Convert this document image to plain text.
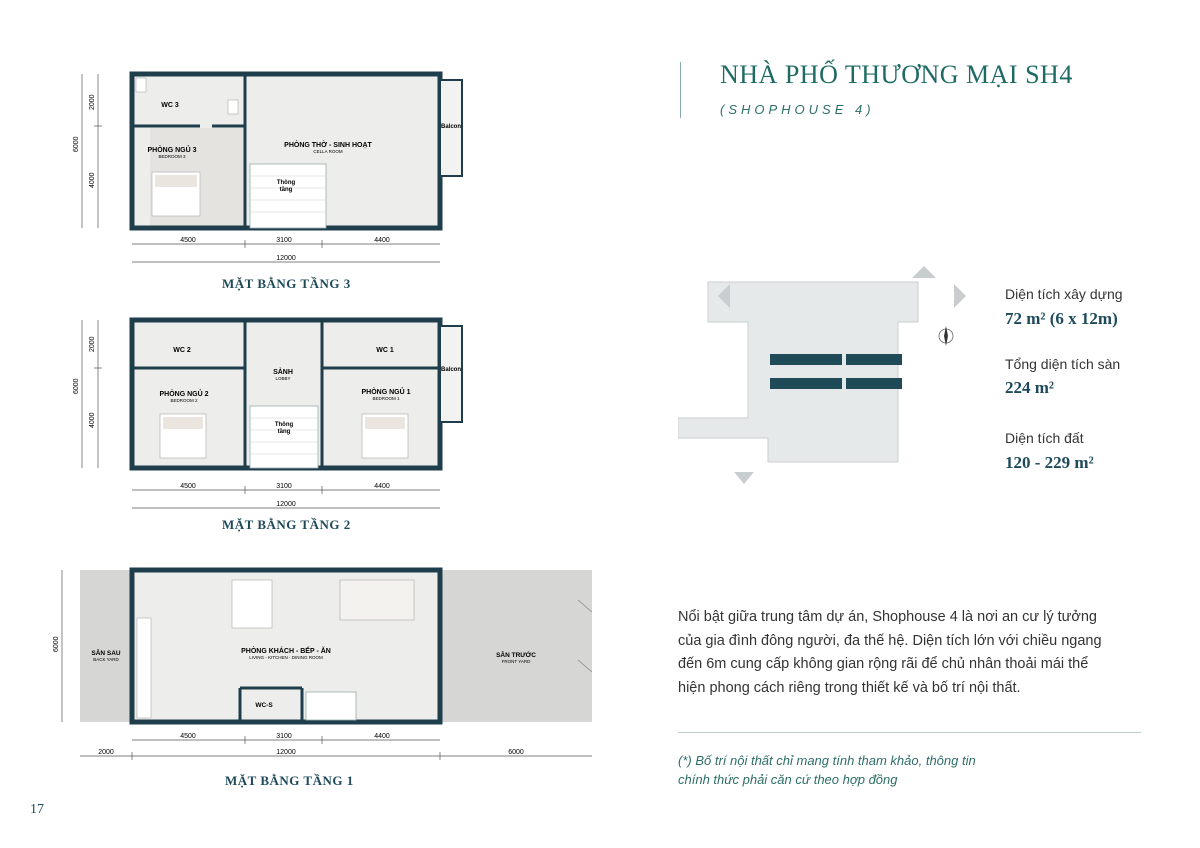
6000
2000
4000
WC 3
PHÒNG NGỦ 3
BEDROOM 3
PHÒNG THỜ - SINH HOẠT
CELLA ROOM
Thông
tầng
Balcon
4500	3100	4400
12000
MẶT BẰNG TẦNG 3
6000
2000
4000
WC 2	WC 1
SẢNH
LOBBY
PHÒNG NGỦ 2
BEDROOM 2
PHÒNG NGỦ 1
BEDROOM 1
Thông
tầng
Balcon
4500	3100	4400
12000
MẶT BẰNG TẦNG 2
6000
SÂN SAU
BACK YARD
PHÒNG KHÁCH - BẾP - ĂN
LIVING - KITCHEN - DINING ROOM
WC-S
SÂN TRƯỚC
FRONT YARD
4500	3100	4400
2000	12000	6000
MẶT BẰNG TẦNG 1
NHÀ PHỐ THƯƠNG MẠI SH4
(SHOPHOUSE 4)
Diện tích xây dựng
72 m² (6 x 12m)
Tổng diện tích sàn
224 m²
Diện tích đất
120 - 229 m²
Nổi bật giữa trung tâm dự án, Shophouse 4 là nơi an cư lý tưởng
của gia đình đông người, đa thế hệ. Diện tích lớn với chiều ngang
đến 6m cung cấp không gian rộng rãi để chủ nhân thoải mái thể
hiện phong cách riêng trong thiết kế và bố trí nội thất.
(*) Bố trí nội thất chỉ mang tính tham khảo, thông tin
chính thức phải căn cứ theo hợp đồng
17
